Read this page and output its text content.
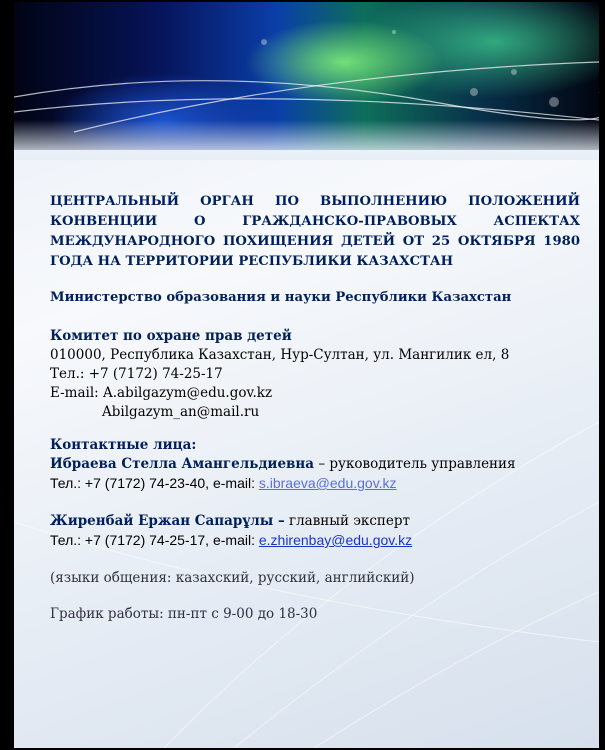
ЦЕНТРАЛЬНЫЙ ОРГАН ПО ВЫПОЛНЕНИЮ ПОЛОЖЕНИЙ КОНВЕНЦИИ О ГРАЖДАНСКО-ПРАВОВЫХ АСПЕКТАХ МЕЖДУНАРОДНОГО ПОХИЩЕНИЯ ДЕТЕЙ ОТ 25 ОКТЯБРЯ 1980 ГОДА НА ТЕРРИТОРИИ РЕСПУБЛИКИ КАЗАХСТАН
Министерство образования и науки Республики Казахстан
Комитет по охране прав детей
010000, Республика Казахстан, Нур-Султан, ул. Мангилик ел, 8
Тел.: +7 (7172) 74-25-17
E-mail: A.abilgazym@edu.gov.kz
Abilgazym_an@mail.ru
Контактные лица:
Ибраева Стелла Амангельдиевна – руководитель управления
Тел.: +7 (7172) 74-23-40, e-mail: s.ibraeva@edu.gov.kz
Жиренбай Ержан Сапарұлы – главный эксперт
Тел.: +7 (7172) 74-25-17, e-mail: e.zhirenbay@edu.gov.kz
(языки общения: казахский, русский, английский)
График работы: пн-пт с 9-00 до 18-30
